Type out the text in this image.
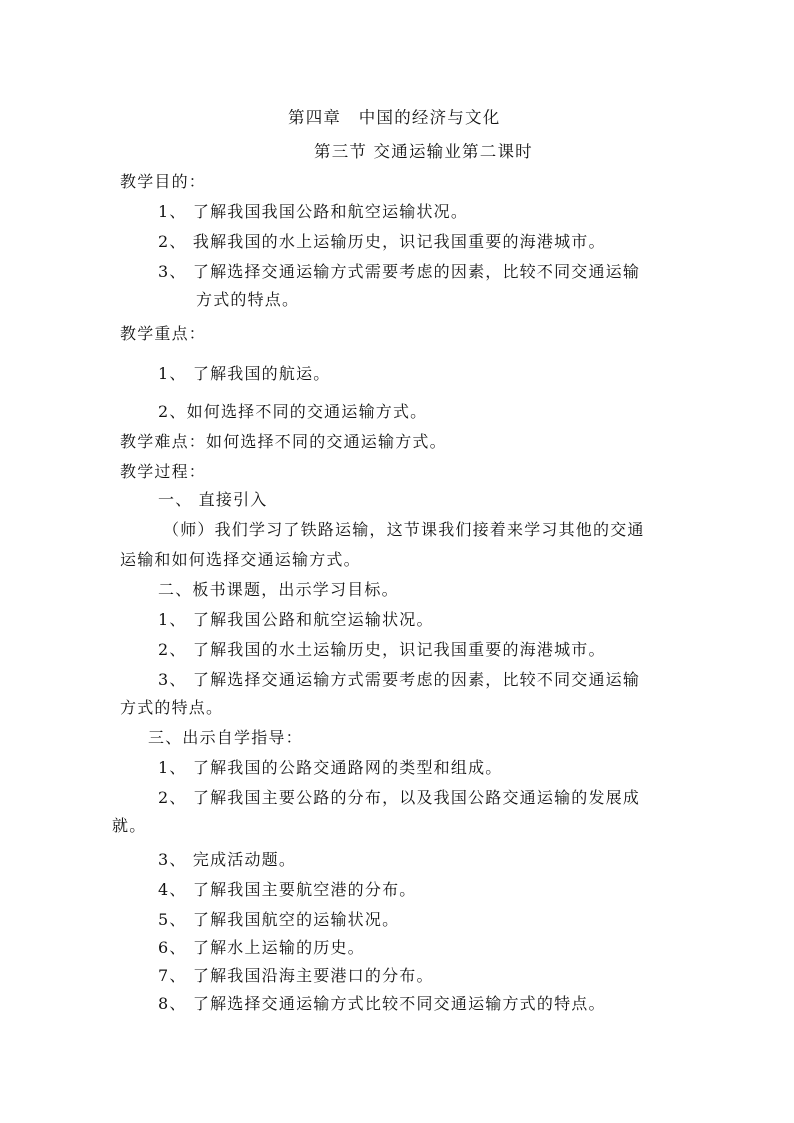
第四章　中国的经济与文化
第三节 交通运输业第二课时
教学目的：
1、 了解我国我国公路和航空运输状况。
2、 我解我国的水上运输历史，识记我国重要的海港城市。
3、 了解选择交通运输方式需要考虑的因素，比较不同交通运输
方式的特点。
教学重点：
1、 了解我国的航运。
2、如何选择不同的交通运输方式。
教学难点：如何选择不同的交通运输方式。
教学过程：
一、 直接引入
（师）我们学习了铁路运输，这节课我们接着来学习其他的交通
运输和如何选择交通运输方式。
二、板书课题，出示学习目标。
1、 了解我国公路和航空运输状况。
2、 了解我国的水土运输历史，识记我国重要的海港城市。
3、 了解选择交通运输方式需要考虑的因素，比较不同交通运输
方式的特点。
三、出示自学指导：
1、 了解我国的公路交通路网的类型和组成。
2、 了解我国主要公路的分布，以及我国公路交通运输的发展成
就。
3、 完成活动题。
4、 了解我国主要航空港的分布。
5、 了解我国航空的运输状况。
6、 了解水上运输的历史。
7、 了解我国沿海主要港口的分布。
8、 了解选择交通运输方式比较不同交通运输方式的特点。
